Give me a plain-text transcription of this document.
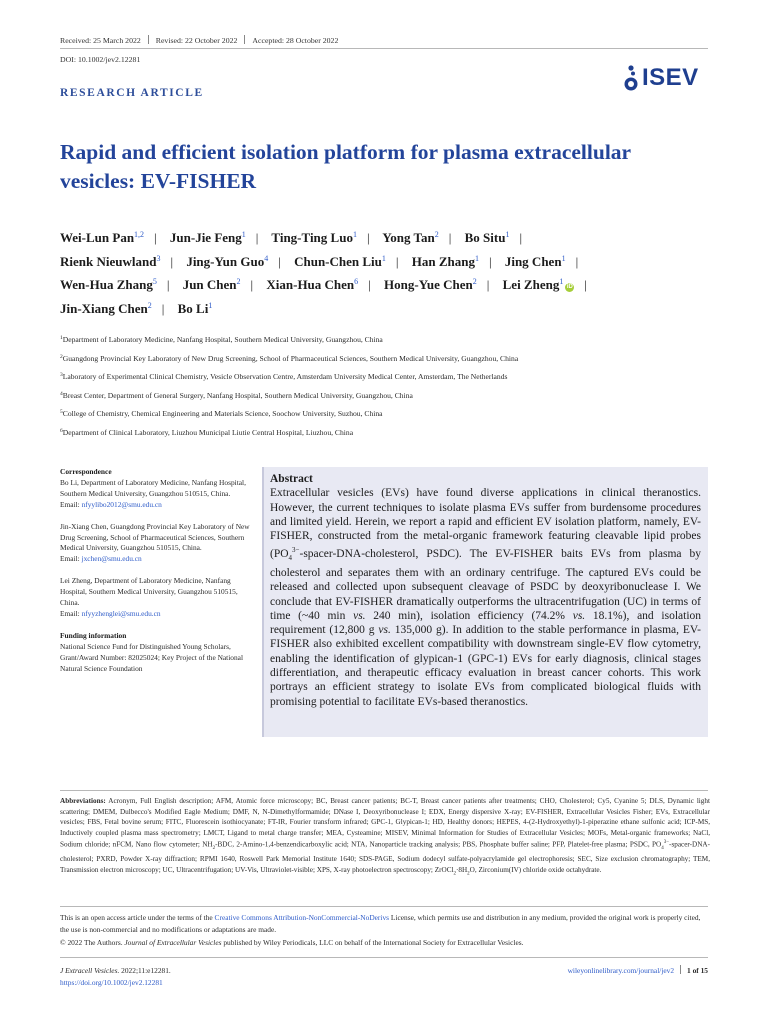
Received: 25 March 2022 Revised: 22 October 2022 Accepted: 28 October 2022
DOI: 10.1002/jev2.12281
ISEV
RESEARCH ARTICLE
Rapid and efficient isolation platform for plasma extracellular vesicles: EV-FISHER
Wei-Lun Pan$^{1,2}$ | Jun-Jie Feng$^1$ | Ting-Ting Luo$^1$ | Yong Tan$^2$ | Bo Situ$^1$ |
Rienk Nieuwland$^3$ | Jing-Yun Guo$^4$ | Chun-Chen Liu$^1$ | Han Zhang$^1$ | Jing Chen$^1$ |
Wen-Hua Zhang$^5$ | Jun Chen$^2$ | Xian-Hua Chen$^6$ | Hong-Yue Chen$^2$ | Lei Zheng$^1$iD |
Jin-Xiang Chen$^2$ | Bo Li$^1$
$^1$Department of Laboratory Medicine, Nanfang Hospital, Southern Medical University, Guangzhou, China
$^2$Guangdong Provincial Key Laboratory of New Drug Screening, School of Pharmaceutical Sciences, Southern Medical University, Guangzhou, China
$^3$Laboratory of Experimental Clinical Chemistry, Vesicle Observation Centre, Amsterdam University Medical Center, Amsterdam, The Netherlands
$^4$Breast Center, Department of General Surgery, Nanfang Hospital, Southern Medical University, Guangzhou, China
$^5$College of Chemistry, Chemical Engineering and Materials Science, Soochow University, Suzhou, China
$^6$Department of Clinical Laboratory, Liuzhou Municipal Liutie Central Hospital, Liuzhou, China
Correspondence
Bo Li, Department of Laboratory Medicine, Nanfang Hospital, Southern Medical University, Guangzhou 510515, China.
Email: nfyylibo2012@smu.edu.cn
Jin-Xiang Chen, Guangdong Provincial Key Laboratory of New Drug Screening, School of Pharmaceutical Sciences, Southern Medical University, Guangzhou 510515, China.
Email: jxchen@smu.edu.cn
Lei Zheng, Department of Laboratory Medicine, Nanfang Hospital, Southern Medical University, Guangzhou 510515, China.
Email: nfyyzhenglei@smu.edu.cn
Funding information
National Science Fund for Distinguished Young Scholars, Grant/Award Number: 82025024; Key Project of the National Natural Science Foundation
Abstract
Extracellular vesicles (EVs) have found diverse applications in clinical theranostics. However, the current techniques to isolate plasma EVs suffer from burdensome procedures and limited yield. Herein, we report a rapid and efficient EV isolation platform, namely, EV-FISHER, constructed from the metal-organic framework featuring cleavable lipid probes ($PO_4^{3-}-spacer-DNA$-cholesterol, PSDC). The EV-FISHER baits EVs from plasma by cholesterol and separates them with an ordinary centrifuge. The captured EVs could be released and collected upon subsequent cleavage of PSDC by deoxyribonuclease I. We conclude that EV-FISHER dramatically outperforms the ultracentrifugation (UC) in terms of time (~40 min vs. 240 min), isolation efficiency (74.2% vs. 18.1%), and isolation requirement (12,800 g vs. 135,000 g). In addition to the stable performance in plasma, EV-FISHER also exhibited excellent compatibility with downstream single-EV flow cytometry, enabling the identification of glypican-1 (GPC-1) EVs for early diagnosis, clinical stages differentiation, and therapeutic efficacy evaluation in breast cancer cohorts. This work portrays an efficient strategy to isolate EVs from complicated biological fluids with promising potential to facilitate EVs-based theranostics.
Abbreviations: Acronym, Full English description; AFM, Atomic force microscopy; BC, Breast cancer patients; BC-T, Breast cancer patients after treatments; CHO, Cholesterol; Cy5, Cyanine 5; DLS, Dynamic light scattering; DMEM, Dulbecco's Modified Eagle Medium; DMF, N, N-Dimethylformamide; DNase I, Deoxyribonuclease I; EDX, Energy dispersive X-ray; EV-FISHER, Extracellular Vesicles Fisher; EVs, Extracellular vesicles; FBS, Fetal bovine serum; FITC, Fluorescein isothiocyanate; FT-IR, Fourier transform infrared; GPC-1, Glypican-1; HD, Healthy donors; HEPES, 4-(2-Hydroxyethyl)-1-piperazine ethane sulfonic acid; ICP-MS, Inductively coupled plasma mass spectrometry; LMCT, Ligand to metal charge transfer; MEA, Cysteamine; MISEV, Minimal Information for Studies of Extracellular Vesicles; MOFs, Metal-organic frameworks; NaCl, Sodium chloride; nFCM, Nano flow cytometer; $NH_2$-BDC, 2-Amino-1,4-benzendicarboxylic acid; NTA, Nanoparticle tracking analysis; PBS, Phosphate buffer saline; PFP, Platelet-free plasma; PSDC, $PO_4^{3-}-spacer-DNA$-cholesterol; PXRD, Powder X-ray diffraction; RPMI 1640, Roswell Park Memorial Institute 1640; SDS-PAGE, Sodium dodecyl sulfate-polyacrylamide gel electrophoresis; SEC, Size exclusion chromatography; TEM, Transmission electron microscopy; UC, Ultracentrifugation; UV-Vis, Ultraviolet-visible; XPS, X-ray photoelectron spectroscopy; $ZrOCl_2\cdot 8H_2O$, Zirconium(IV) chloride oxide octahydrate.
This is an open access article under the terms of the Creative Commons Attribution-NonCommercial-NoDerivs License, which permits use and distribution in any medium, provided the original work is properly cited, the use is non-commercial and no modifications or adaptations are made.
© 2022 The Authors. Journal of Extracellular Vesicles published by Wiley Periodicals, LLC on behalf of the International Society for Extracellular Vesicles.
J Extracell Vesicles. 2022;11:e12281.
https://doi.org/10.1002/jev2.12281
wileyonlinelibrary.com/journal/jev2 1 of 15
